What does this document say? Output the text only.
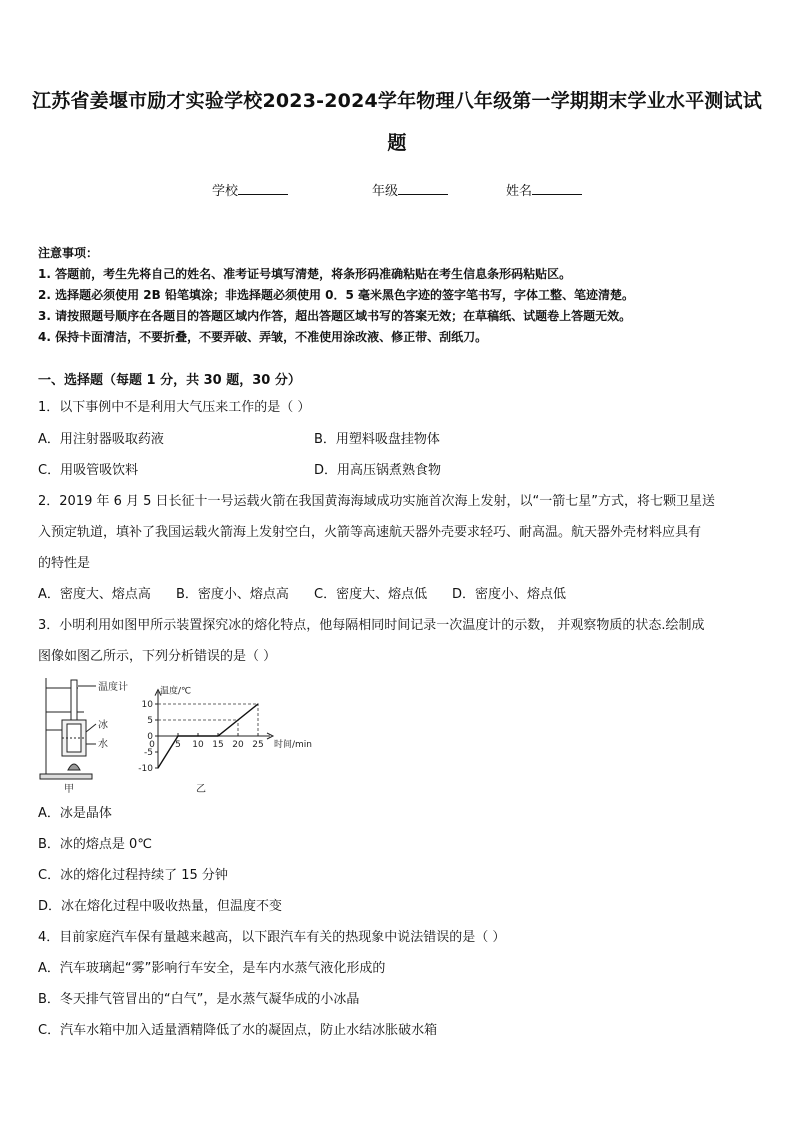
江苏省姜堰市励才实验学校2023-2024学年物理八年级第一学期期末学业水平测试试
题
学校	年级	姓名
注意事项：
1. 答题前，考生先将自己的姓名、准考证号填写清楚，将条形码准确粘贴在考生信息条形码粘贴区。
2. 选择题必须使用 2B 铅笔填涂；非选择题必须使用 0．5 毫米黑色字迹的签字笔书写，字体工整、笔迹清楚。
3. 请按照题号顺序在各题目的答题区域内作答，超出答题区域书写的答案无效；在草稿纸、试题卷上答题无效。
4. 保持卡面清洁，不要折叠，不要弄破、弄皱，不准使用涂改液、修正带、刮纸刀。
一、选择题（每题 1 分，共 30 题，30 分）
1．以下事例中不是利用大气压来工作的是（ ）
A．用注射器吸取药液	B．用塑料吸盘挂物体
C．用吸管吸饮料	D．用高压锅煮熟食物
2．2019 年 6 月 5 日长征十一号运载火箭在我国黄海海域成功实施首次海上发射，以“一箭七星”方式，将七颗卫星送
入预定轨道，填补了我国运载火箭海上发射空白，火箭等高速航天器外壳要求轻巧、耐高温。航天器外壳材料应具有
的特性是
A．密度大、熔点高 B．密度小、熔点高 C．密度大、熔点低 D．密度小、熔点低
3．小明利用如图甲所示装置探究冰的熔化特点，他每隔相同时间记录一次温度计的示数， 并观察物质的状态.绘制成
图像如图乙所示，下列分析错误的是（ ）
温度计
冰
水
甲
-10
-5
0
5
10
0 5 10 15 20 25
温度/℃
时间/min
乙
A．冰是晶体
B．冰的熔点是 0℃
C．冰的熔化过程持续了 15 分钟
D．冰在熔化过程中吸收热量，但温度不变
4．目前家庭汽车保有量越来越高，以下跟汽车有关的热现象中说法错误的是（ ）
A．汽车玻璃起“雾”影响行车安全，是车内水蒸气液化形成的
B．冬天排气管冒出的“白气”，是水蒸气凝华成的小冰晶
C．汽车水箱中加入适量酒精降低了水的凝固点，防止水结冰胀破水箱
